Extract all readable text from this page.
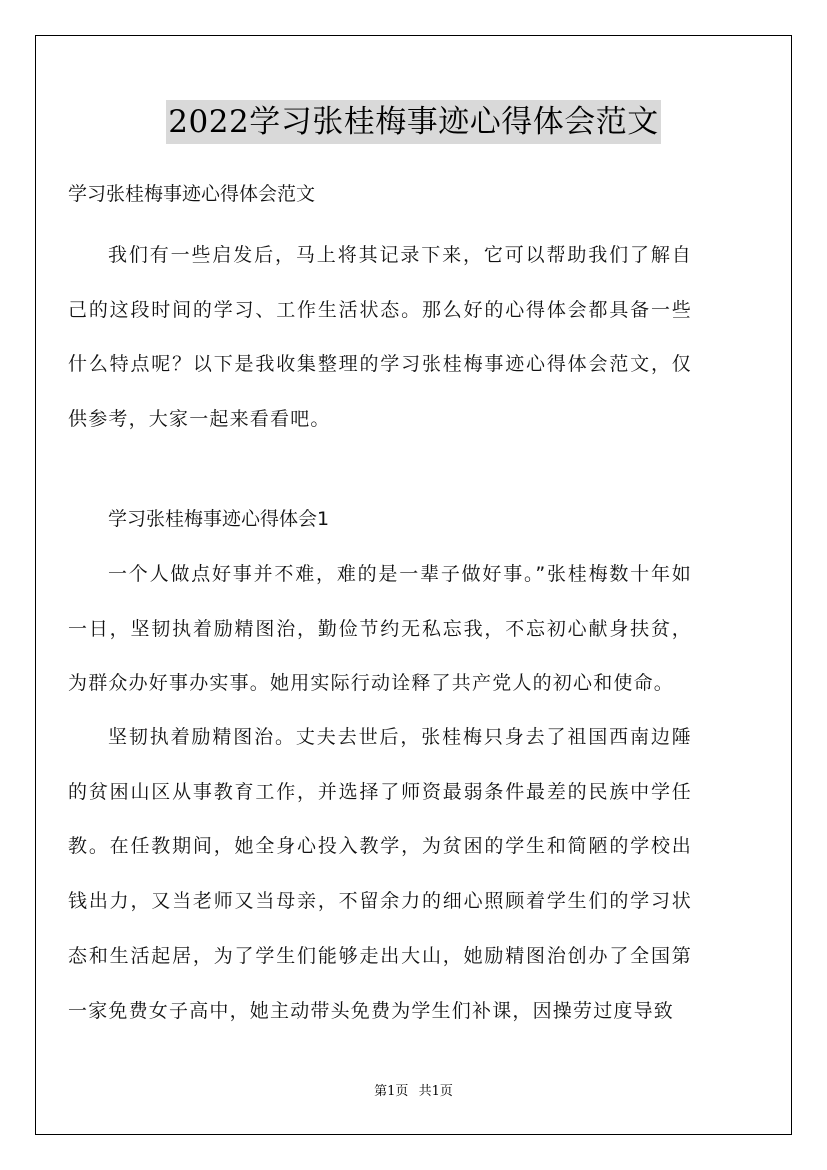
2022学习张桂梅事迹心得体会范文

学习张桂梅事迹心得体会范文

我们有一些启发后，马上将其记录下来，它可以帮助我们了解自己的这段时间的学习、工作生活状态。那么好的心得体会都具备一些什么特点呢？以下是我收集整理的学习张桂梅事迹心得体会范文，仅供参考，大家一起来看看吧。

学习张桂梅事迹心得体会1

一个人做点好事并不难，难的是一辈子做好事。”张桂梅数十年如一日，坚韧执着励精图治，勤俭节约无私忘我，不忘初心献身扶贫，为群众办好事办实事。她用实际行动诠释了共产党人的初心和使命。

坚韧执着励精图治。丈夫去世后，张桂梅只身去了祖国西南边陲的贫困山区从事教育工作，并选择了师资最弱条件最差的民族中学任教。在任教期间，她全身心投入教学，为贫困的学生和简陋的学校出钱出力，又当老师又当母亲，不留余力的细心照顾着学生们的学习状态和生活起居，为了学生们能够走出大山，她励精图治创办了全国第一家免费女子高中，她主动带头免费为学生们补课，因操劳过度导致

第1页 共1页
